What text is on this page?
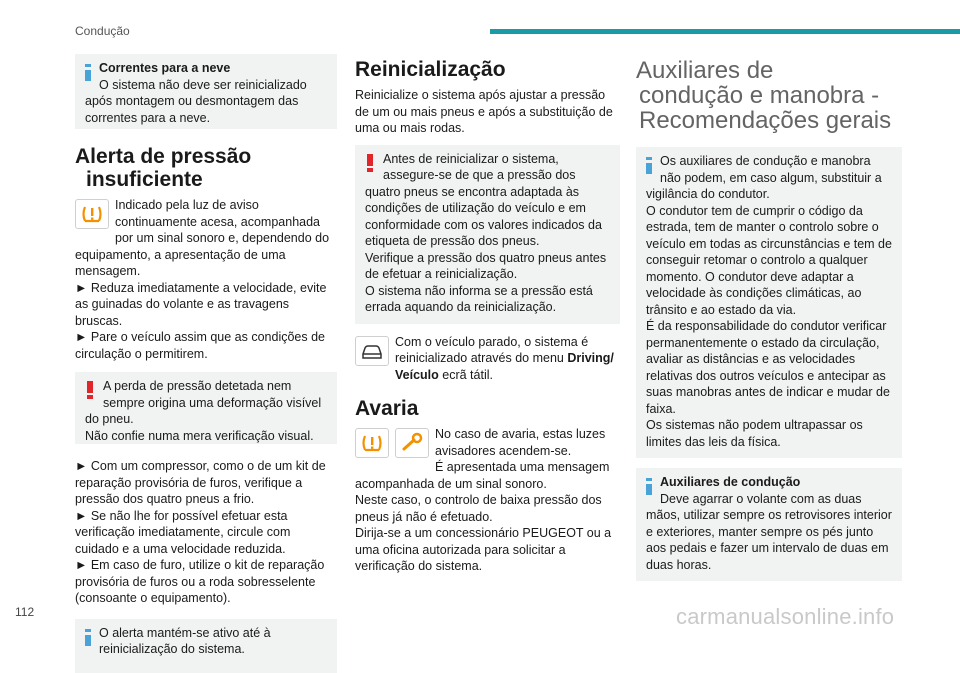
Condução

Correntes para a neve

O sistema não deve ser reinicializado após montagem ou desmontagem das correntes para a neve.

Alerta de pressão
insuficiente

Indicado pela luz de aviso continuamente acesa, acompanhada por um sinal sonoro e, dependendo do equipamento, a apresentação de uma mensagem.

► Reduza imediatamente a velocidade, evite as guinadas do volante e as travagens bruscas.

► Pare o veículo assim que as condições de circulação o permitirem.

A perda de pressão detetada nem sempre origina uma deformação visível do pneu.

Não confie numa mera verificação visual.

► Com um compressor, como o de um kit de reparação provisória de furos, verifique a pressão dos quatro pneus a frio.

► Se não lhe for possível efetuar esta verificação imediatamente, circule com cuidado e a uma velocidade reduzida.

► Em caso de furo, utilize o kit de reparação provisória de furos ou a roda sobresselente (consoante o equipamento).

O alerta mantém-se ativo até à reinicialização do sistema.

Reinicialização

Reinicialize o sistema após ajustar a pressão de um ou mais pneus e após a substituição de uma ou mais rodas.

Antes de reinicializar o sistema, assegure-se de que a pressão dos quatro pneus se encontra adaptada às condições de utilização do veículo e em conformidade com os valores indicados da etiqueta de pressão dos pneus.

Verifique a pressão dos quatro pneus antes de efetuar a reinicialização.

O sistema não informa se a pressão está errada aquando da reinicialização.

Com o veículo parado, o sistema é reinicializado através do menu Driving/ Veículo ecrã tátil.

Avaria

No caso de avaria, estas luzes avisadores acendem-se.

É apresentada uma mensagem acompanhada de um sinal sonoro.

Neste caso, o controlo de baixa pressão dos pneus já não é efetuado.

Dirija-se a um concessionário PEUGEOT ou a uma oficina autorizada para solicitar a verificação do sistema.

Auxiliares de
condução e manobra -
Recomendações gerais

Os auxiliares de condução e manobra não podem, em caso algum, substituir a vigilância do condutor.

O condutor tem de cumprir o código da estrada, tem de manter o controlo sobre o veículo em todas as circunstâncias e tem de conseguir retomar o controlo a qualquer momento. O condutor deve adaptar a velocidade às condições climáticas, ao trânsito e ao estado da via.

É da responsabilidade do condutor verificar permanentemente o estado da circulação, avaliar as distâncias e as velocidades relativas dos outros veículos e antecipar as suas manobras antes de indicar e mudar de faixa.

Os sistemas não podem ultrapassar os limites das leis da física.

Auxiliares de condução

Deve agarrar o volante com as duas mãos, utilizar sempre os retrovisores interior e exteriores, manter sempre os pés junto aos pedais e fazer um intervalo de duas em duas horas.

112	carmanualsonline.info
